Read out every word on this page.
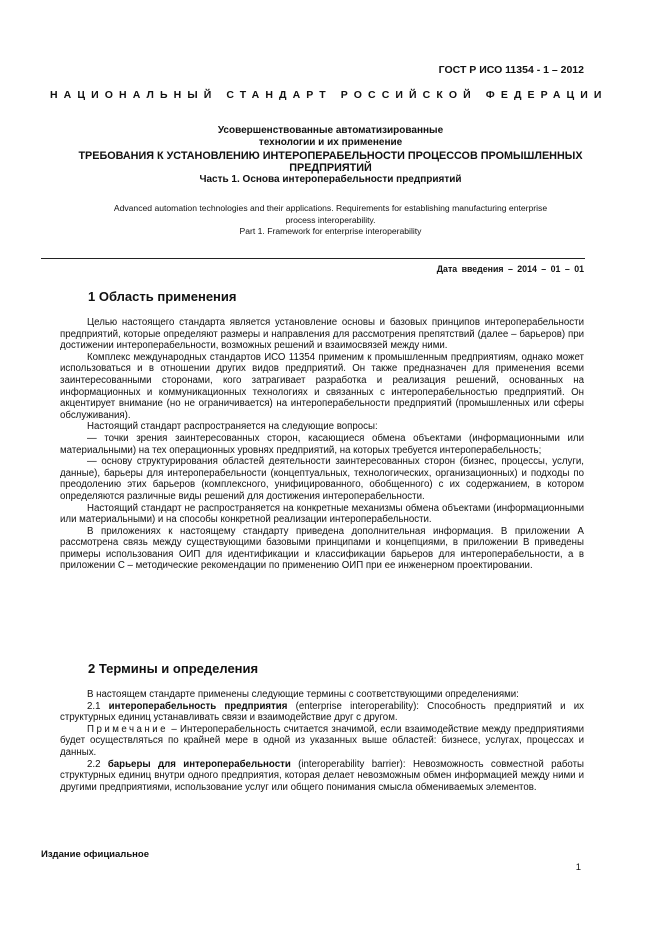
ГОСТ Р ИСО 11354 - 1 – 2012
НАЦИОНАЛЬНЫЙ СТАНДАРТ РОССИЙСКОЙ ФЕДЕРАЦИИ
Усовершенствованные автоматизированные
технологии и их применение
ТРЕБОВАНИЯ К УСТАНОВЛЕНИЮ ИНТЕРОПЕРАБЕЛЬНОСТИ ПРОЦЕССОВ ПРОМЫШЛЕННЫХ
ПРЕДПРИЯТИЙ
Часть 1. Основа интероперабельности предприятий
Advanced automation technologies and their applications. Requirements for establishing manufacturing enterprise
process interoperability.
Part 1. Framework for enterprise interoperability
Дата введения – 2014 – 01 – 01
1 Область применения

Целью настоящего стандарта является установление основы и базовых принципов интероперабельности предприятий, которые определяют размеры и направления для рассмотрения препятствий (далее – барьеров) при достижении интероперабельности, возможных решений и взаимосвязей между ними.

Комплекс международных стандартов ИСО 11354 применим к промышленным предприятиям, однако может использоваться и в отношении других видов предприятий. Он также предназначен для применения всеми заинтересованными сторонами, кого затрагивает разработка и реализация решений, основанных на информационных и коммуникационных технологиях и связанных с интероперабельностью предприятий. Он акцентирует внимание (но не ограничивается) на интероперабельности предприятий (промышленных или сферы обслуживания).

Настоящий стандарт распространяется на следующие вопросы:

— точки зрения заинтересованных сторон, касающиеся обмена объектами (информационными или материальными) на тех операционных уровнях предприятий, на которых требуется интероперабельность;

— основу структурирования областей деятельности заинтересованных сторон (бизнес, процессы, услуги, данные), барьеры для интероперабельности (концептуальных, технологических, организационных) и подходы по преодолению этих барьеров (комплексного, унифицированного, обобщенного) с их содержанием, в котором определяются различные виды решений для достижения интероперабельности.

Настоящий стандарт не распространяется на конкретные механизмы обмена объектами (информационными или материальными) и на способы конкретной реализации интероперабельности.

В приложениях к настоящему стандарту приведена дополнительная информация. В приложении А рассмотрена связь между существующими базовыми принципами и концепциями, в приложении В приведены примеры использования ОИП для идентификации и классификации барьеров для интероперабельности, а в приложении С – методические рекомендации по применению ОИП при ее инженерном проектировании.

2 Термины и определения

В настоящем стандарте применены следующие термины с соответствующими определениями:

2.1 интероперабельность предприятия (enterprise interoperability): Способность предприятий и их структурных единиц устанавливать связи и взаимодействие друг с другом.

Примечание – Интероперабельность считается значимой, если взаимодействие между предприятиями будет осуществляться по крайней мере в одной из указанных выше областей: бизнесе, услугах, процессах и данных.

2.2 барьеры для интероперабельности (interoperability barrier): Невозможность совместной работы структурных единиц внутри одного предприятия, которая делает невозможным обмен информацией между ними и другими предприятиями, использование услуг или общего понимания смысла обмениваемых элементов.

Издание официальное
1
